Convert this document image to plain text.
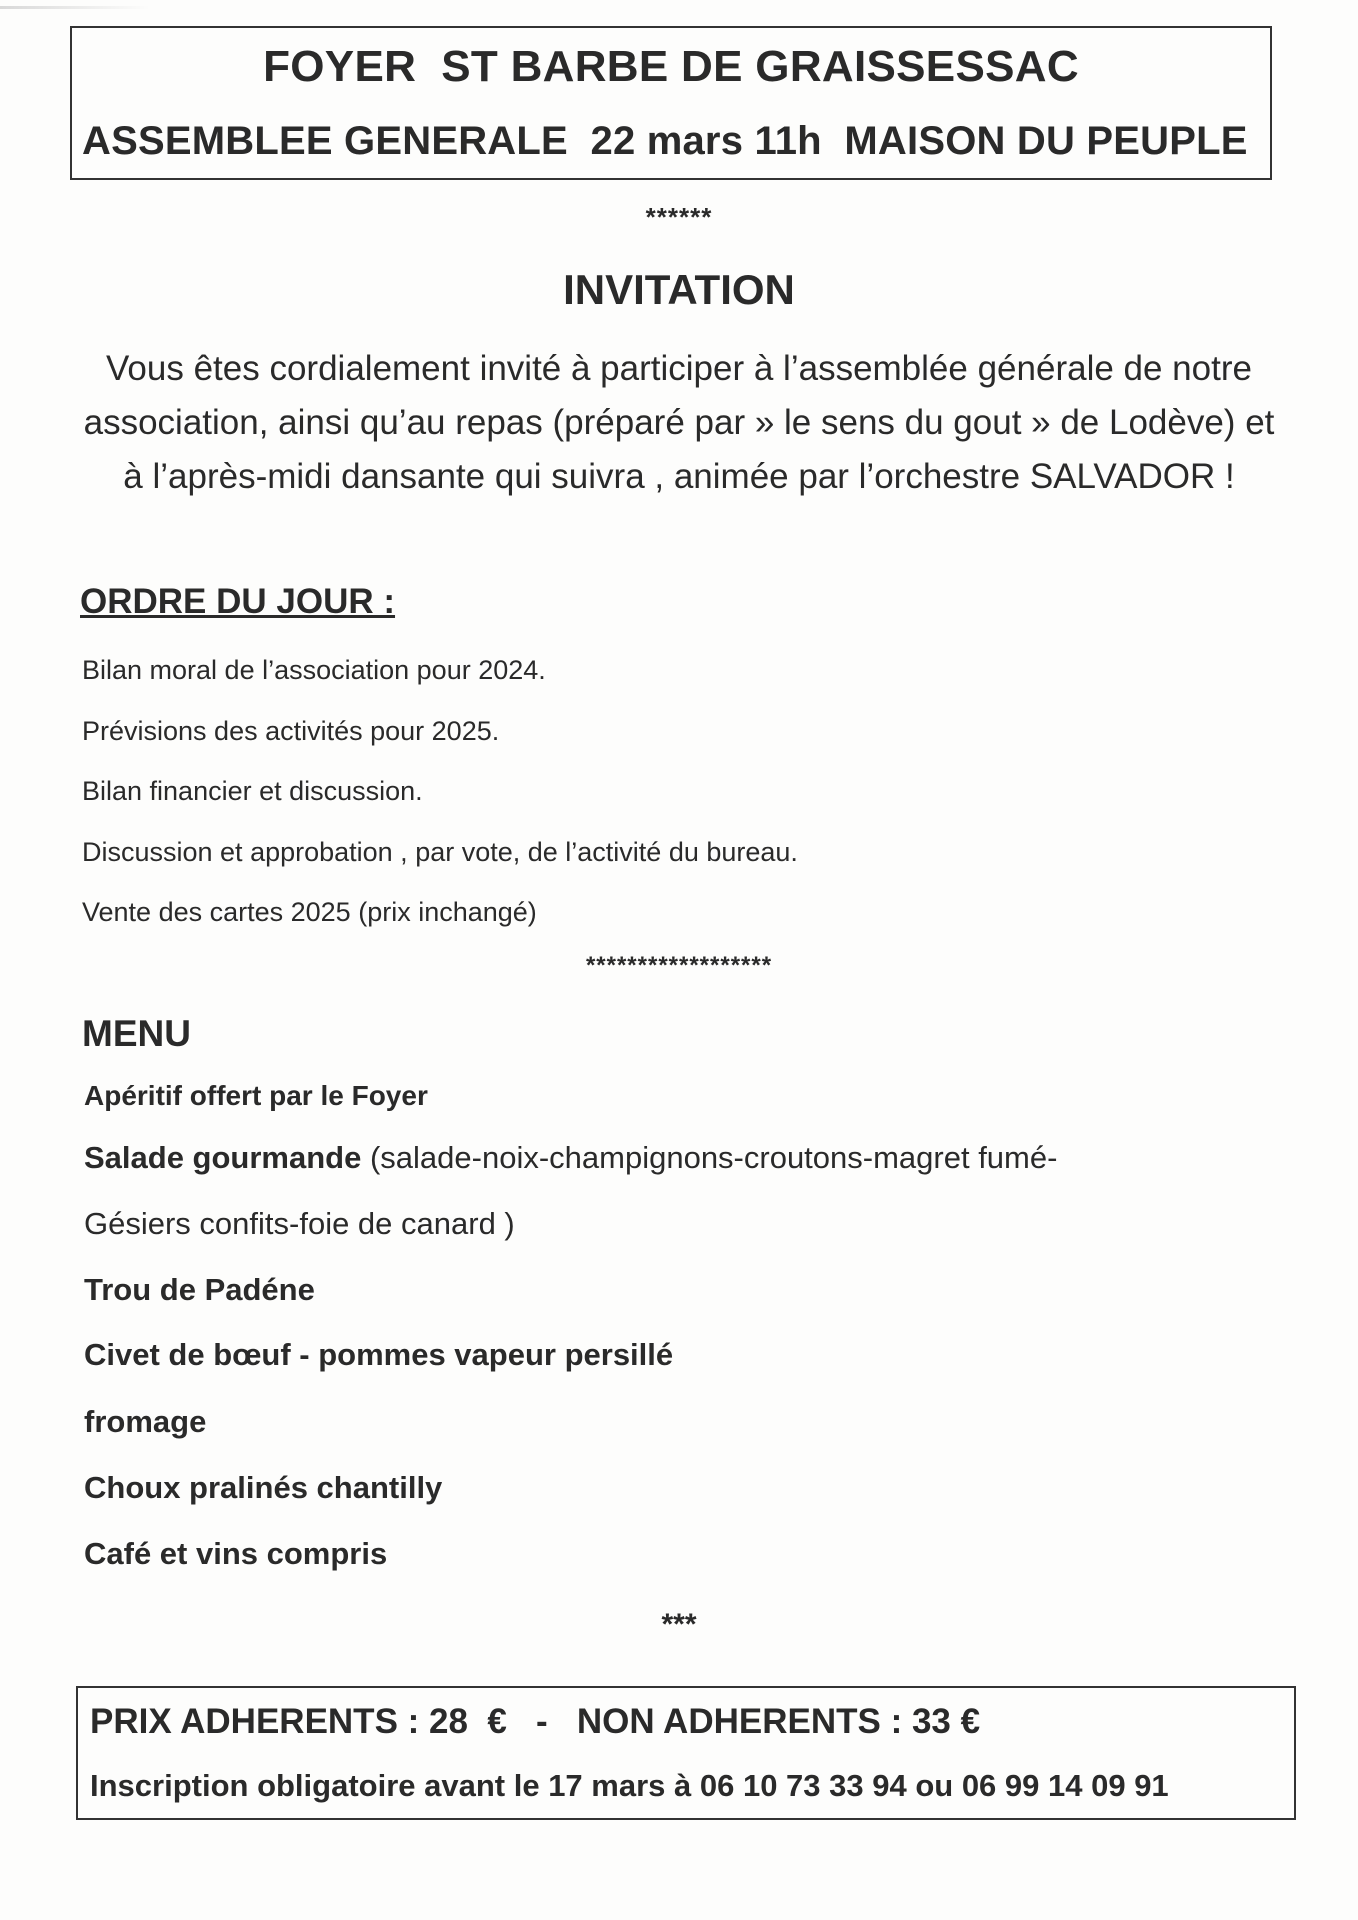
FOYER  ST BARBE DE GRAISSESSAC
ASSEMBLEE GENERALE  22 mars 11h  MAISON DU PEUPLE
******
INVITATION
Vous êtes cordialement invité à participer à l’assemblée générale de notre association, ainsi qu’au repas (préparé par » le sens du gout » de Lodève) et à l’après-midi dansante qui suivra , animée par l’orchestre SALVADOR !
ORDRE DU JOUR :
Bilan moral de l’association pour 2024.
Prévisions des activités pour 2025.
Bilan financier et discussion.
Discussion et approbation , par vote, de l’activité du bureau.
Vente des cartes 2025 (prix inchangé)
******************
MENU
Apéritif offert par le Foyer
Salade gourmande (salade-noix-champignons-croutons-magret fumé-
Gésiers confits-foie de canard )
Trou de Padéne
Civet de bœuf - pommes vapeur persillé
fromage
Choux pralinés chantilly
Café et vins compris
***
PRIX ADHERENTS : 28  €   -   NON ADHERENTS : 33 €
Inscription obligatoire avant le 17 mars à 06 10 73 33 94 ou 06 99 14 09 91
